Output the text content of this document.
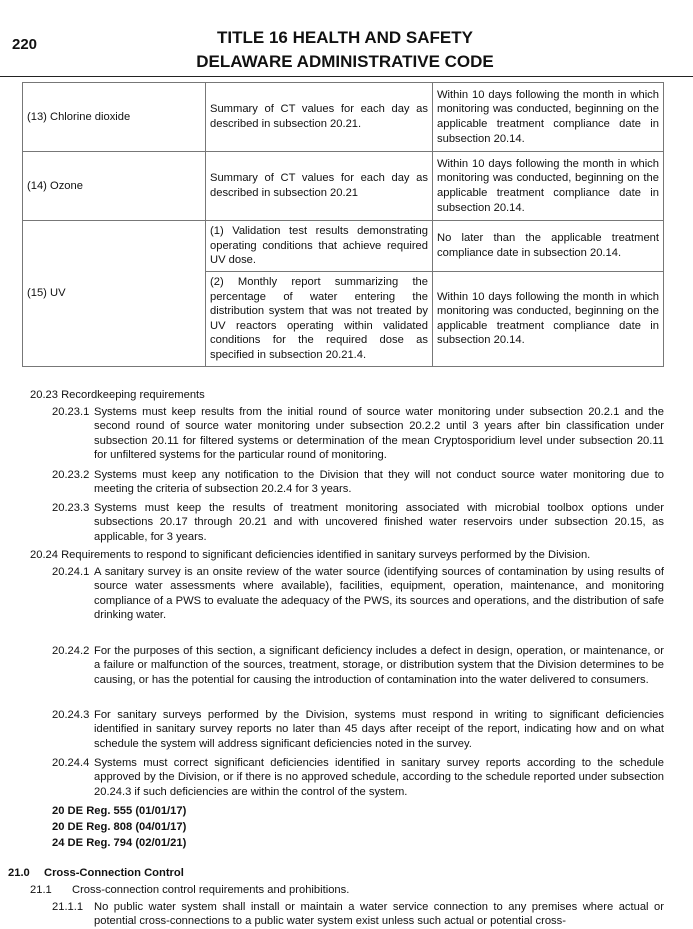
220	TITLE 16 HEALTH AND SAFETY
DELAWARE ADMINISTRATIVE CODE
(13) Chlorine dioxide	Summary of CT values for each day as described in subsection 20.21.	Within 10 days following the month in which monitoring was conducted, beginning on the applicable treatment compliance date in subsection 20.14.
(14) Ozone	Summary of CT values for each day as described in subsection 20.21	Within 10 days following the month in which monitoring was conducted, beginning on the applicable treatment compliance date in subsection 20.14.
(15) UV	(1) Validation test results demonstrating operating conditions that achieve required UV dose.	No later than the applicable treatment compliance date in subsection 20.14.
	(2) Monthly report summarizing the percentage of water entering the distribution system that was not treated by UV reactors operating within validated conditions for the required dose as specified in subsection 20.21.4.	Within 10 days following the month in which monitoring was conducted, beginning on the applicable treatment compliance date in subsection 20.14.
20.23 Recordkeeping requirements
20.23.1 Systems must keep results from the initial round of source water monitoring under subsection 20.2.1 and the second round of source water monitoring under subsection 20.2.2 until 3 years after bin classification under subsection 20.11 for filtered systems or determination of the mean Cryptosporidium level under subsection 20.11 for unfiltered systems for the particular round of monitoring.
20.23.2 Systems must keep any notification to the Division that they will not conduct source water monitoring due to meeting the criteria of subsection 20.2.4 for 3 years.
20.23.3 Systems must keep the results of treatment monitoring associated with microbial toolbox options under subsections 20.17 through 20.21 and with uncovered finished water reservoirs under subsection 20.15, as applicable, for 3 years.
20.24 Requirements to respond to significant deficiencies identified in sanitary surveys performed by the Division.
20.24.1 A sanitary survey is an onsite review of the water source (identifying sources of contamination by using results of source water assessments where available), facilities, equipment, operation, maintenance, and monitoring compliance of a PWS to evaluate the adequacy of the PWS, its sources and operations, and the distribution of safe drinking water.
20.24.2 For the purposes of this section, a significant deficiency includes a defect in design, operation, or maintenance, or a failure or malfunction of the sources, treatment, storage, or distribution system that the Division determines to be causing, or has the potential for causing the introduction of contamination into the water delivered to consumers.
20.24.3 For sanitary surveys performed by the Division, systems must respond in writing to significant deficiencies identified in sanitary survey reports no later than 45 days after receipt of the report, indicating how and on what schedule the system will address significant deficiencies noted in the survey.
20.24.4 Systems must correct significant deficiencies identified in sanitary survey reports according to the schedule approved by the Division, or if there is no approved schedule, according to the schedule reported under subsection 20.24.3 if such deficiencies are within the control of the system.
20 DE Reg. 555 (01/01/17)
20 DE Reg. 808 (04/01/17)
24 DE Reg. 794 (02/01/21)
21.0 Cross-Connection Control
21.1 Cross-connection control requirements and prohibitions.
21.1.1 No public water system shall install or maintain a water service connection to any premises where actual or potential cross-connections to a public water system exist unless such actual or potential cross-
